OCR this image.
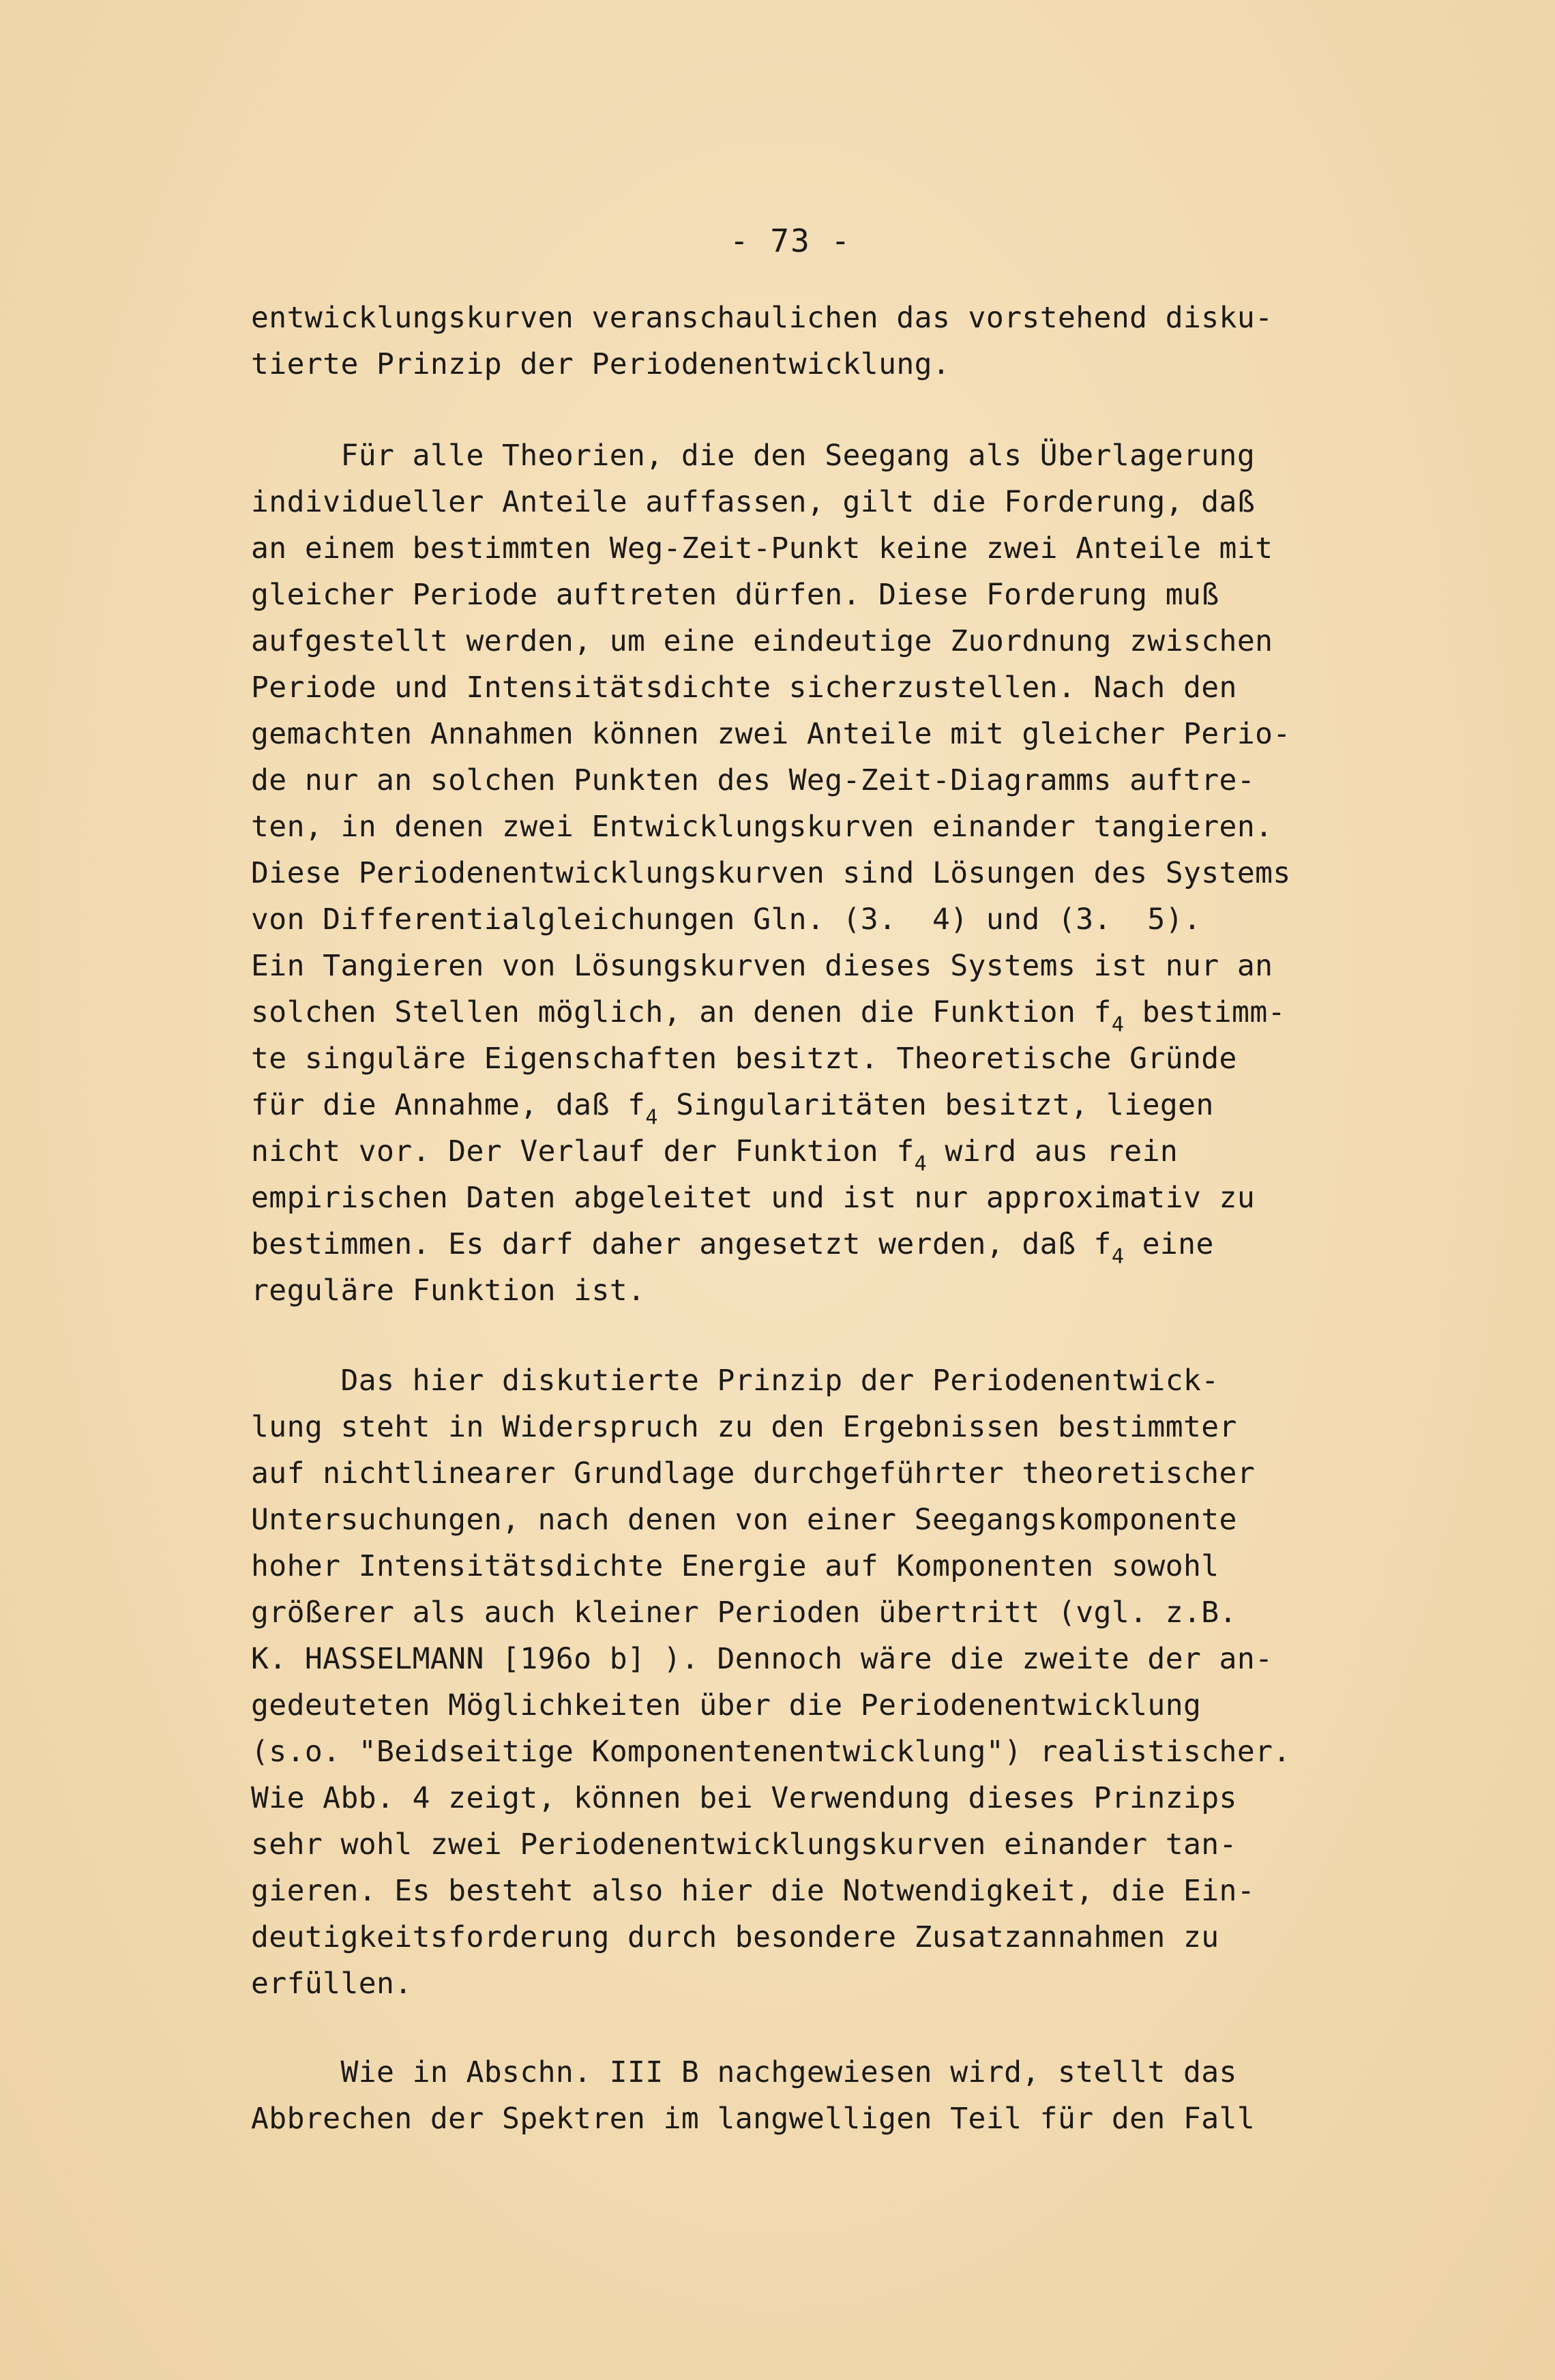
- 73 -
entwicklungskurven veranschaulichen das vorstehend disku-
tierte Prinzip der Periodenentwicklung.
Für alle Theorien, die den Seegang als Überlagerung
individueller Anteile auffassen, gilt die Forderung, daß
an einem bestimmten Weg-Zeit-Punkt keine zwei Anteile mit
gleicher Periode auftreten dürfen. Diese Forderung muß
aufgestellt werden, um eine eindeutige Zuordnung zwischen
Periode und Intensitätsdichte sicherzustellen. Nach den
gemachten Annahmen können zwei Anteile mit gleicher Perio-
de nur an solchen Punkten des Weg-Zeit-Diagramms auftre-
ten, in denen zwei Entwicklungskurven einander tangieren.
Diese Periodenentwicklungskurven sind Lösungen des Systems
von Differentialgleichungen Gln. (3.  4) und (3.  5).
Ein Tangieren von Lösungskurven dieses Systems ist nur an
solchen Stellen möglich, an denen die Funktion $f_4$ bestimm-
te singuläre Eigenschaften besitzt. Theoretische Gründe
für die Annahme, daß $f_4$ Singularitäten besitzt, liegen
nicht vor. Der Verlauf der Funktion $f_4$ wird aus rein
empirischen Daten abgeleitet und ist nur approximativ zu
bestimmen. Es darf daher angesetzt werden, daß $f_4$ eine
reguläre Funktion ist.
Das hier diskutierte Prinzip der Periodenentwick-
lung steht in Widerspruch zu den Ergebnissen bestimmter
auf nichtlinearer Grundlage durchgeführter theoretischer
Untersuchungen, nach denen von einer Seegangskomponente
hoher Intensitätsdichte Energie auf Komponenten sowohl
größerer als auch kleiner Perioden übertritt (vgl. z.B.
K. HASSELMANN [196o b] ). Dennoch wäre die zweite der an-
gedeuteten Möglichkeiten über die Periodenentwicklung
(s.o. "Beidseitige Komponentenentwicklung") realistischer.
Wie Abb. 4 zeigt, können bei Verwendung dieses Prinzips
sehr wohl zwei Periodenentwicklungskurven einander tan-
gieren. Es besteht also hier die Notwendigkeit, die Ein-
deutigkeitsforderung durch besondere Zusatzannahmen zu
erfüllen.
Wie in Abschn. III B nachgewiesen wird, stellt das
Abbrechen der Spektren im langwelligen Teil für den Fall
